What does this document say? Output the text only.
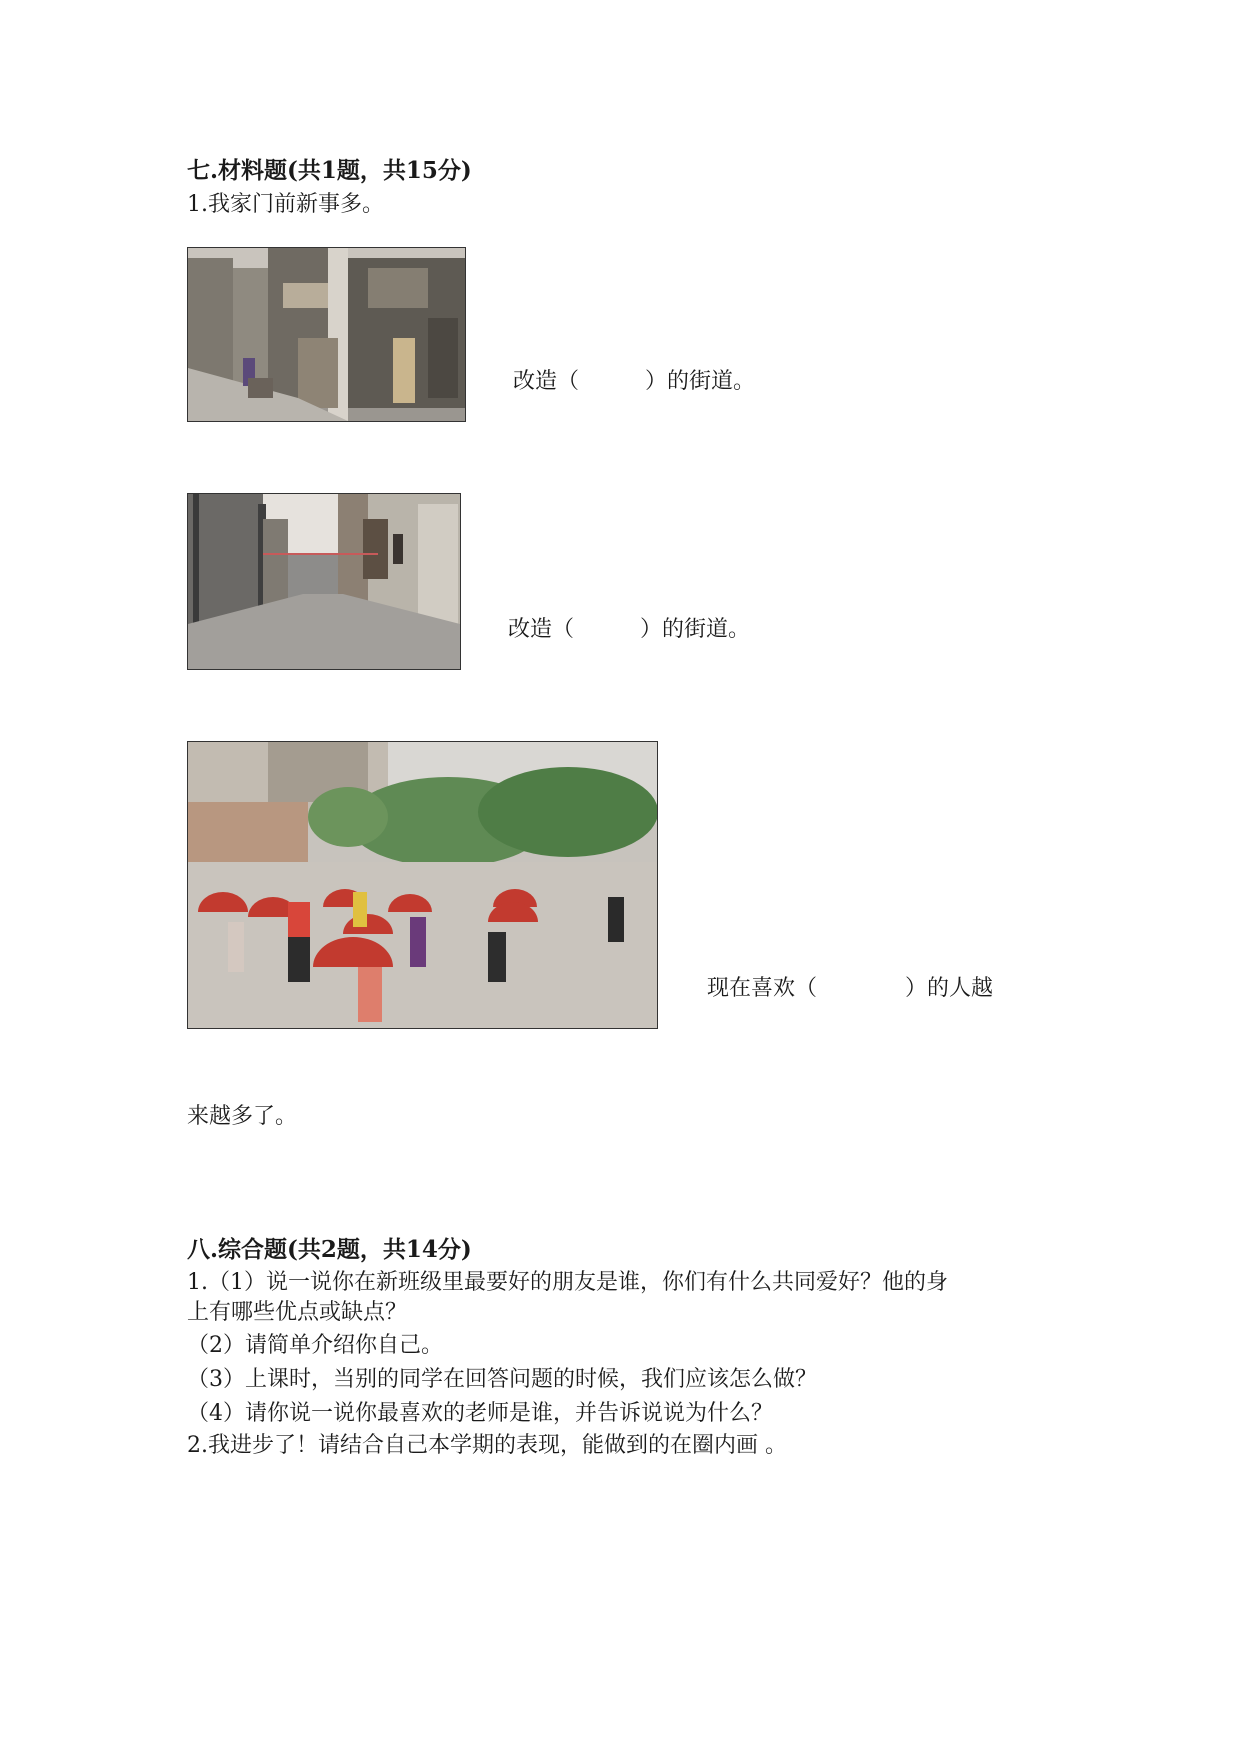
七.材料题(共1题，共15分)
1.我家门前新事多。
改造（　　　）的街道。
改造（　　　）的街道。
现在喜欢（　　　　）的人越
来越多了。
八.综合题(共2题，共14分)
1.（1）说一说你在新班级里最要好的朋友是谁，你们有什么共同爱好？他的身
上有哪些优点或缺点？
（2）请简单介绍你自己。
（3）上课时，当别的同学在回答问题的时候，我们应该怎么做？
（4）请你说一说你最喜欢的老师是谁，并告诉说说为什么？
2.我进步了！请结合自己本学期的表现，能做到的在圈内画 。
